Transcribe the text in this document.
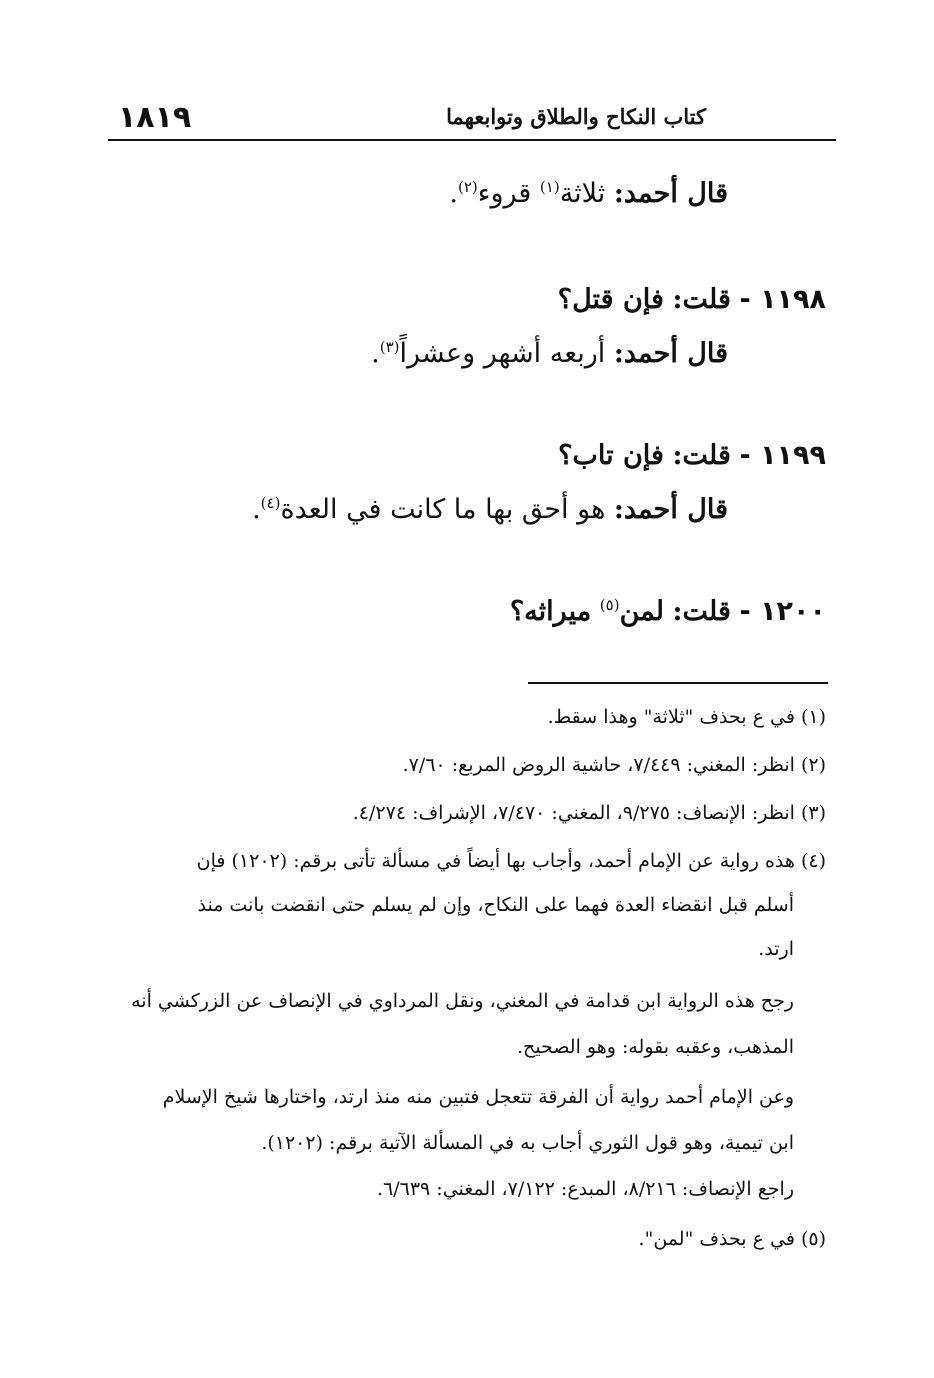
١٨١٩	كتاب النكاح والطلاق وتوابعهما
قال أحمد: ثلاثة$^{(١)}$ قروء$^{(٢)}$.
١١٩٨ - قلت: فإن قتل؟
قال أحمد: أربعه أشهر وعشراً$^{(٣)}$.
١١٩٩ - قلت: فإن تاب؟
قال أحمد: هو أحق بها ما كانت في العدة$^{(٤)}$.
١٢٠٠ - قلت: لمن$^{(٥)}$ ميراثه؟
(١) في ع بحذف "ثلاثة" وهذا سقط.
(٢) انظر: المغني: ٧/٤٤٩، حاشية الروض المربع: ٧/٦٠.
(٣) انظر: الإنصاف: ٩/٢٧٥، المغني: ٧/٤٧٠، الإشراف: ٤/٢٧٤.
(٤) هذه رواية عن الإمام أحمد، وأجاب بها أيضاً في مسألة تأتى برقم: (١٢٠٢) فإن
أسلم قبل انقضاء العدة فهما على النكاح، وإن لم يسلم حتى انقضت بانت منذ
ارتد.
رجح هذه الرواية ابن قدامة في المغني، ونقل المرداوي في الإنصاف عن الزركشي أنه
المذهب، وعقبه بقوله: وهو الصحيح.
وعن الإمام أحمد رواية أن الفرقة تتعجل فتبين منه منذ ارتد، واختارها شيخ الإسلام
ابن تيمية، وهو قول الثوري أجاب به في المسألة الآتية برقم: (١٢٠٢).
راجع الإنصاف: ٨/٢١٦، المبدع: ٧/١٢٢، المغني: ٦/٦٣٩.
(٥) في ع بحذف "لمن".
